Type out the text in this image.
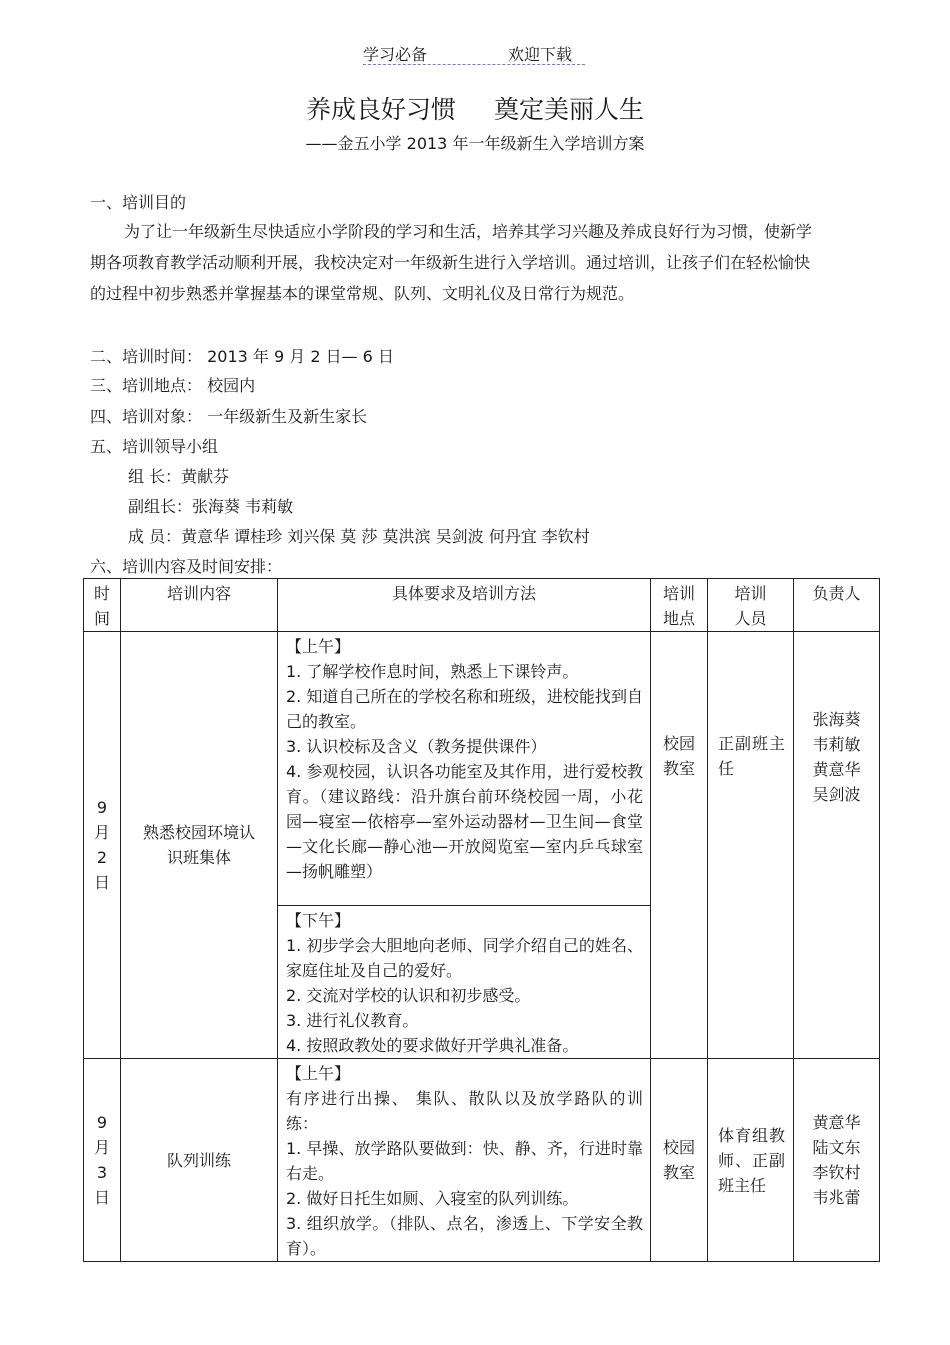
学习必备	欢迎下载
养成良好习惯 奠定美丽人生
——金五小学 2013 年一年级新生入学培训方案
一、培训目的

为了让一年级新生尽快适应小学阶段的学习和生活，培养其学习兴趣及养成良好行为习惯，使新学期各项教育教学活动顺利开展，我校决定对一年级新生进行入学培训。通过培训，让孩子们在轻松愉快的过程中初步熟悉并掌握基本的课堂常规、队列、文明礼仪及日常行为规范。

二、培训时间： 2013 年 9 月 2 日— 6 日
三、培训地点： 校园内
四、培训对象： 一年级新生及新生家长
五、培训领导小组
组 长：黄献芬
副组长：张海葵 韦莉敏
成 员：黄意华 谭桂珍 刘兴保 莫 莎 莫洪滨 吴剑波 何丹宜 李钦村
六、培训内容及时间安排：
时间	培训内容	具体要求及培训方法	培训地点	培训人员	负责人
9月2日	熟悉校园环境认识班集体	【上午】
1. 了解学校作息时间，熟悉上下课铃声。
2. 知道自己所在的学校名称和班级，进校能找到自己的教室。
3. 认识校标及含义（教务提供课件）
4. 参观校园，认识各功能室及其作用，进行爱校教育。（建议路线：沿升旗台前环绕校园一周，小花园—寝室—依榕亭—室外运动器材—卫生间—食堂—文化长廊—静心池—开放阅览室—室内乒乓球室—扬帆雕塑）	校园教室	正副班主任	张海葵
韦莉敏
黄意华
吴剑波

		【下午】
1. 初步学会大胆地向老师、同学介绍自己的姓名、家庭住址及自己的爱好。
2. 交流对学校的认识和初步感受。
3. 进行礼仪教育。
4. 按照政教处的要求做好开学典礼准备。			

9月3日	队列训练	【上午】
有序进行出操、 集队、散队以及放学路队的训练：
1. 早操、放学路队要做到：快、静、齐，行进时靠右走。
2. 做好日托生如厕、入寝室的队列训练。
3. 组织放学。（排队、点名，渗透上、下学安全教育）。	校园教室	体育组教师、正副班主任	黄意华
陆文东
李钦村
韦兆蕾
